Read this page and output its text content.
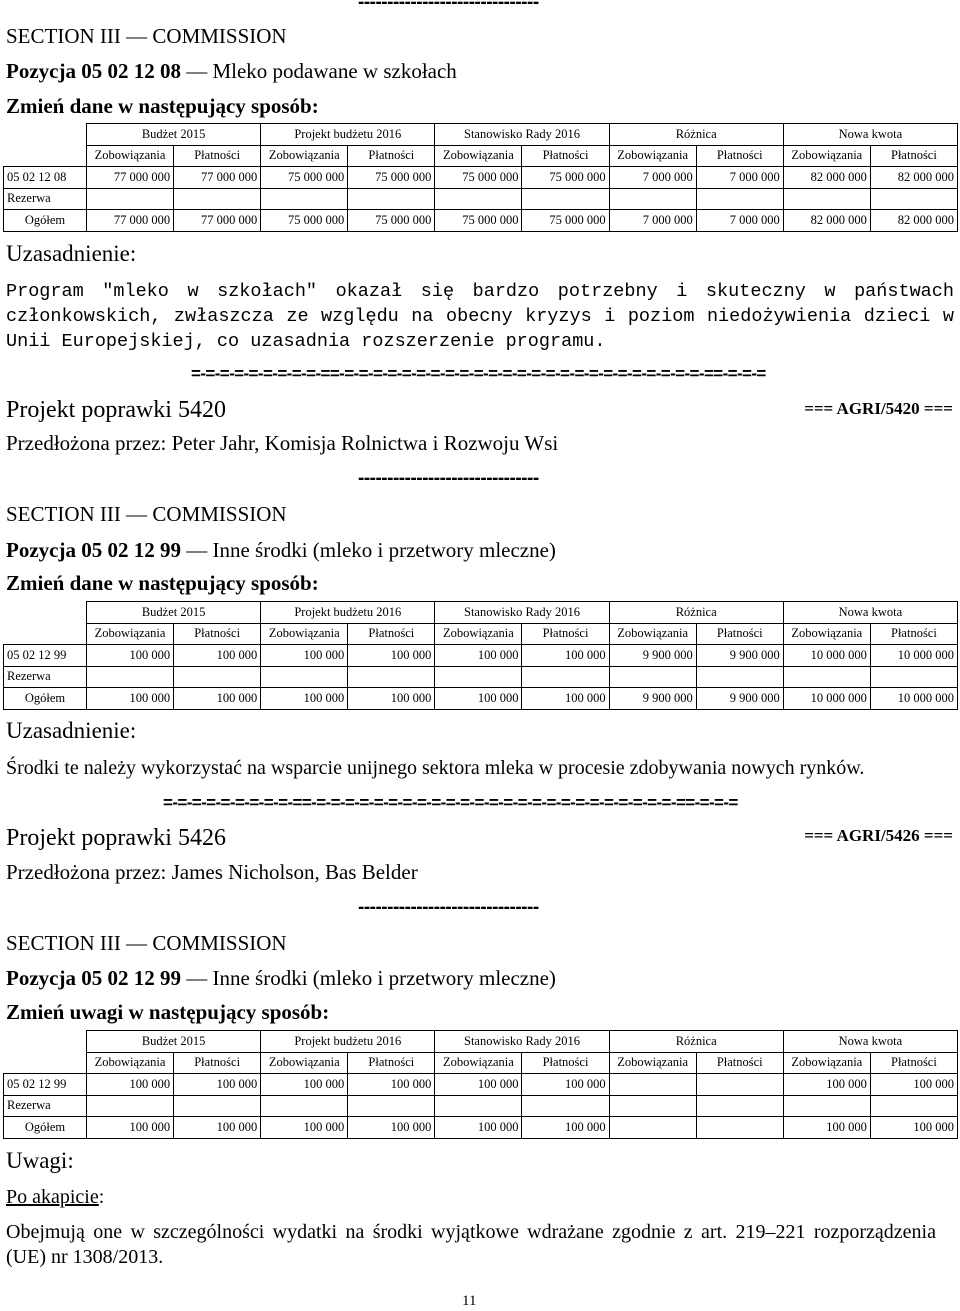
-------------------------------
SECTION III — COMMISSION
Pozycja 05 02 12 08 — Mleko podawane w szkołach
Zmień dane w następujący sposób:
	Budżet 2015		Projekt budżetu 2016		Stanowisko Rady 2016		Różnica		Nowa kwota	
	Zobowiązania	Płatności	Zobowiązania	Płatności	Zobowiązania	Płatności	Zobowiązania	Płatności	Zobowiązania	Płatności
05 02 12 08	77 000 000	77 000 000	75 000 000	75 000 000	75 000 000	75 000 000	7 000 000	7 000 000	82 000 000	82 000 000
Rezerwa										
Ogółem	77 000 000	77 000 000	75 000 000	75 000 000	75 000 000	75 000 000	7 000 000	7 000 000	82 000 000	82 000 000
Uzasadnienie:
Program "mleko w szkołach" okazał się bardzo potrzebny i skuteczny w państwach członkowskich, zwłaszcza ze względu na obecny kryzys i poziom niedożywienia dzieci w Unii Europejskiej, co uzasadnia rozszerzenie programu.
=-=-=-=-=-=-=-=-=-==-=-=-=-=-=-=-=-=-=-=-=-=-=-=-=-=-=-=-=-=-=-=-=-=-=-==-=-=-=
Projekt poprawki 5420	=== AGRI/5420 ===
Przedłożona przez: Peter Jahr, Komisja Rolnictwa i Rozwoju Wsi
-------------------------------
SECTION III — COMMISSION
Pozycja 05 02 12 99 — Inne środki (mleko i przetwory mleczne)
Zmień dane w następujący sposób:
	Budżet 2015		Projekt budżetu 2016		Stanowisko Rady 2016		Różnica		Nowa kwota	
	Zobowiązania	Płatności	Zobowiązania	Płatności	Zobowiązania	Płatności	Zobowiązania	Płatności	Zobowiązania	Płatności
05 02 12 99	100 000	100 000	100 000	100 000	100 000	100 000	9 900 000	9 900 000	10 000 000	10 000 000
Rezerwa										
Ogółem	100 000	100 000	100 000	100 000	100 000	100 000	9 900 000	9 900 000	10 000 000	10 000 000
Uzasadnienie:
Środki te należy wykorzystać na wsparcie unijnego sektora mleka w procesie zdobywania nowych rynków.
=-=-=-=-=-=-=-=-=-==-=-=-=-=-=-=-=-=-=-=-=-=-=-=-=-=-=-=-=-=-=-=-=-=-=-==-=-=-=
Projekt poprawki 5426	=== AGRI/5426 ===
Przedłożona przez: James Nicholson, Bas Belder
-------------------------------
SECTION III — COMMISSION
Pozycja 05 02 12 99 — Inne środki (mleko i przetwory mleczne)
Zmień uwagi w następujący sposób:
	Budżet 2015		Projekt budżetu 2016		Stanowisko Rady 2016		Różnica		Nowa kwota	
	Zobowiązania	Płatności	Zobowiązania	Płatności	Zobowiązania	Płatności	Zobowiązania	Płatności	Zobowiązania	Płatności
05 02 12 99	100 000	100 000	100 000	100 000	100 000	100 000			100 000	100 000
Rezerwa										
Ogółem	100 000	100 000	100 000	100 000	100 000	100 000			100 000	100 000
Uwagi:
Po akapicie:
Obejmują one w szczególności wydatki na środki wyjątkowe wdrażane zgodnie z art. 219–221 rozporządzenia (UE) nr 1308/2013.
11
